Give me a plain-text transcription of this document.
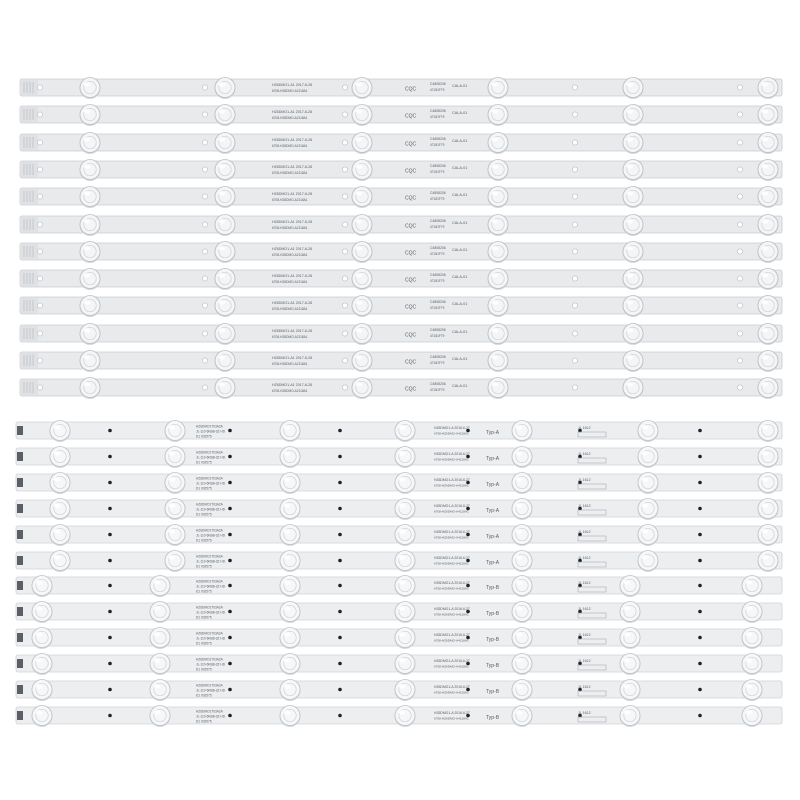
HZ6DMO1-A1 2017-6-28
6708-HZ6DMO-A2118A1	CQC
C4808206
47181F79
CALA-01
HZ6DMO1-A1 2017-6-28
6708-HZ6DMO-A2118A1	CQC
C4808206
47181F79
CALA-01
HZ6DMO1-A1 2017-6-28
6708-HZ6DMO-A2118A1	CQC
C4808206
47181F79
CALA-01
HZ6DMO1-A1 2017-6-28
6708-HZ6DMO-A2118A1	CQC
C4808206
47181F79
CALA-01
HZ6DMO1-A1 2017-6-28
6708-HZ6DMO-A2118A1	CQC
C4808206
47181F79
CALA-01
HZ6DMO1-A1 2017-6-28
6708-HZ6DMO-A2118A1	CQC
C4808206
47181F79
CALA-01
HZ6DMO1-A1 2017-6-28
6708-HZ6DMO-A2118A1	CQC
C4808206
47181F79
CALA-01
HZ6DMO1-A1 2017-6-28
6708-HZ6DMO-A2118A1	CQC
C4808206
47181F79
CALA-01
HZ6DMO1-A1 2017-6-28
6708-HZ6DMO-A2118A1	CQC
C4808206
47181F79
CALA-01
HZ6DMO1-A1 2017-6-28
6708-HZ6DMO-A2118A1	CQC
C4808206
47181F79
CALA-01
HZ6DMO1-A1 2017-6-28
6708-HZ6DMO-A2118A1	CQC
C4808206
47181F79
CALA-01
HZ6DMO1-A1 2017-6-28
6708-HZ6DMO-A2118A1	CQC
C4808206
47181F79
CALA-01
HZ6DMO1T03A2A
JL-110-6KBB-3Z HD
D1 002575
HZ6DMO1-A 2016-6-27
6708-HZ6DMO-A4218A1	Typ-A
JL 1612
HZ6DMO1T03A2A
JL-110-6KBB-3Z HD
D1 002575
HZ6DMO1-A 2016-6-27
6708-HZ6DMO-A4218A1	Typ-A
JL 1612
HZ6DMO1T03A2A
JL-110-6KBB-3Z HD
D1 002575
HZ6DMO1-A 2016-6-27
6708-HZ6DMO-A4218A1	Typ-A
JL 1612
HZ6DMO1T03A2A
JL-110-6KBB-3Z HD
D1 002575
HZ6DMO1-A 2016-6-27
6708-HZ6DMO-A4218A1	Typ-A
JL 1612
HZ6DMO1T03A2A
JL-110-6KBB-3Z HD
D1 002575
HZ6DMO1-A 2016-6-27
6708-HZ6DMO-A4218A1	Typ-A
JL 1612
HZ6DMO1T03A2A
JL-110-6KBB-3Z HD
D1 002575
HZ6DMO1-A 2016-6-27
6708-HZ6DMO-A4218A1	Typ-A
JL 1612
HZ6DMO1T03A2A
JL-110-6KBB-3Z HD
D1 002575
HZ6DMO1-A 2016-6-27
6708-HZ6DMO-A4218A1	Typ-B
JL 1612
HZ6DMO1T03A2A
JL-110-6KBB-3Z HD
D1 002575
HZ6DMO1-A 2016-6-27
6708-HZ6DMO-A4218A1	Typ-B
JL 1612
HZ6DMO1T03A2A
JL-110-6KBB-3Z HD
D1 002575
HZ6DMO1-A 2016-6-27
6708-HZ6DMO-A4218A1	Typ-B
JL 1612
HZ6DMO1T03A2A
JL-110-6KBB-3Z HD
D1 002575
HZ6DMO1-A 2016-6-27
6708-HZ6DMO-A4218A1	Typ-B
JL 1612
HZ6DMO1T03A2A
JL-110-6KBB-3Z HD
D1 002575
HZ6DMO1-A 2016-6-27
6708-HZ6DMO-A4218A1	Typ-B
JL 1612
HZ6DMO1T03A2A
JL-110-6KBB-3Z HD
D1 002575
HZ6DMO1-A 2016-6-27
6708-HZ6DMO-A4218A1	Typ-B
JL 1612
